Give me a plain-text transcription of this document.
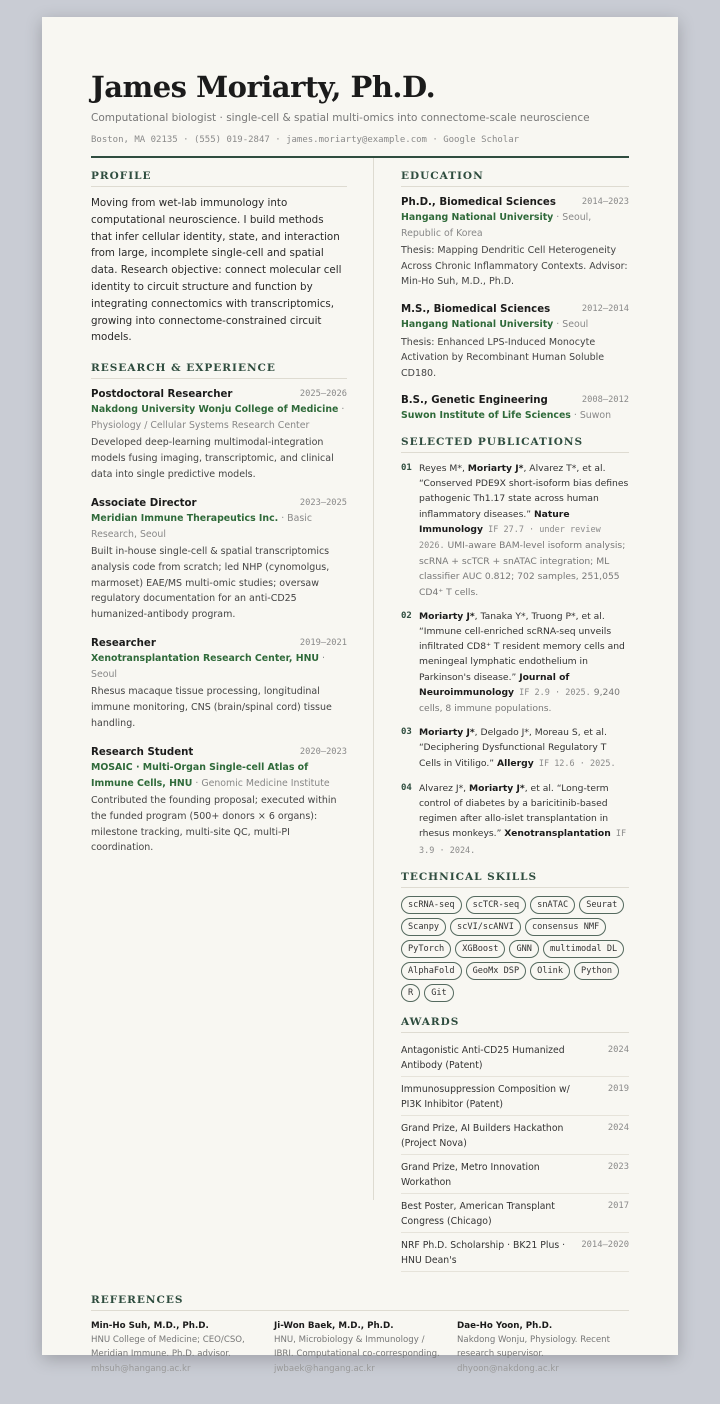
James Moriarty, Ph.D.
Computational biologist · single-cell & spatial multi-omics into connectome-scale neuroscience
Boston, MA 02135 · (555) 019-2847 · james.moriarty@example.com · Google Scholar
PROFILE
Moving from wet-lab immunology into computational neuroscience. I build methods that infer cellular identity, state, and interaction from large, incomplete single-cell and spatial data. Research objective: connect molecular cell identity to circuit structure and function by integrating connectomics with transcriptomics, growing into connectome-constrained circuit models.
RESEARCH & EXPERIENCE
Postdoctoral Researcher	2025–2026
Nakdong University Wonju College of Medicine · Physiology / Cellular Systems Research Center
Developed deep-learning multimodal-integration models fusing imaging, transcriptomic, and clinical data into single predictive models.
Associate Director	2023–2025
Meridian Immune Therapeutics Inc. · Basic Research, Seoul
Built in-house single-cell & spatial transcriptomics analysis code from scratch; led NHP (cynomolgus, marmoset) EAE/MS multi-omic studies; oversaw regulatory documentation for an anti-CD25 humanized-antibody program.
Researcher	2019–2021
Xenotransplantation Research Center, HNU · Seoul
Rhesus macaque tissue processing, longitudinal immune monitoring, CNS (brain/spinal cord) tissue handling.
Research Student	2020–2023
MOSAIC · Multi-Organ Single-cell Atlas of Immune Cells, HNU · Genomic Medicine Institute
Contributed the founding proposal; executed within the funded program (500+ donors × 6 organs): milestone tracking, multi-site QC, multi-PI coordination.
EDUCATION
Ph.D., Biomedical Sciences	2014–2023
Hangang National University · Seoul, Republic of Korea
Thesis: Mapping Dendritic Cell Heterogeneity Across Chronic Inflammatory Contexts. Advisor: Min-Ho Suh, M.D., Ph.D.
M.S., Biomedical Sciences	2012–2014
Hangang National University · Seoul
Thesis: Enhanced LPS-Induced Monocyte Activation by Recombinant Human Soluble CD180.
B.S., Genetic Engineering	2008–2012
Suwon Institute of Life Sciences · Suwon
SELECTED PUBLICATIONS
01 Reyes M*, Moriarty J*, Alvarez T*, et al. “Conserved PDE9X short-isoform bias defines pathogenic Th1.17 state across human inflammatory diseases.” Nature Immunology IF 27.7 · under review 2026. UMI-aware BAM-level isoform analysis; scRNA + scTCR + snATAC integration; ML classifier AUC 0.812; 702 samples, 251,055 CD4⁺ T cells.
02 Moriarty J*, Tanaka Y*, Truong P*, et al. “Immune cell-enriched scRNA-seq unveils infiltrated CD8⁺ T resident memory cells and meningeal lymphatic endothelium in Parkinson's disease.” Journal of Neuroimmunology IF 2.9 · 2025. 9,240 cells, 8 immune populations.
03 Moriarty J*, Delgado J*, Moreau S, et al. “Deciphering Dysfunctional Regulatory T Cells in Vitiligo.” Allergy IF 12.6 · 2025.
04 Alvarez J*, Moriarty J*, et al. “Long-term control of diabetes by a baricitinib-based regimen after allo-islet transplantation in rhesus monkeys.” Xenotransplantation IF 3.9 · 2024.
TECHNICAL SKILLS
scRNA-seq	scTCR-seq	snATAC	Seurat
Scanpy	scVI/scANVI	consensus NMF
PyTorch	XGBoost	GNN	multimodal DL
AlphaFold	GeoMx DSP	Olink	Python
R	Git
AWARDS
Antagonistic Anti-CD25 Humanized Antibody (Patent)
2024
Immunosuppression Composition w/ PI3K Inhibitor (Patent)
2019
Grand Prize, AI Builders Hackathon (Project Nova)
2024
Grand Prize, Metro Innovation Workathon
2023
Best Poster, American Transplant Congress (Chicago)
2017
NRF Ph.D. Scholarship · BK21 Plus · HNU Dean's
2014–2020
REFERENCES
Min-Ho Suh, M.D., Ph.D.
HNU College of Medicine; CEO/CSO, Meridian Immune. Ph.D. advisor.
mhsuh@hangang.ac.kr
Ji-Won Baek, M.D., Ph.D.
HNU, Microbiology & Immunology / IBRI. Computational co-corresponding.
jwbaek@hangang.ac.kr
Dae-Ho Yoon, Ph.D.
Nakdong Wonju, Physiology. Recent research supervisor.
dhyoon@nakdong.ac.kr
